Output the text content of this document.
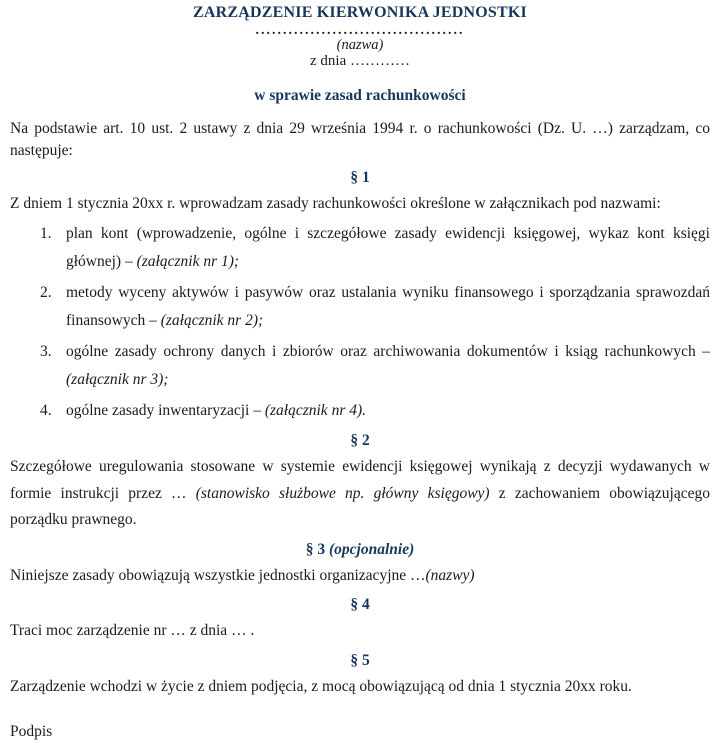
ZARZĄDZENIE KIERWONIKA JEDNOSTKI
......................................
(nazwa)
z dnia …………
w sprawie zasad rachunkowości

Na podstawie art. 10 ust. 2 ustawy z dnia 29 września 1994 r. o rachunkowości (Dz. U. …) zarządzam, co następuje:

§ 1

Z dniem 1 stycznia 20xx r. wprowadzam zasady rachunkowości określone w załącznikach pod nazwami:

1. plan kont (wprowadzenie, ogólne i szczegółowe zasady ewidencji księgowej, wykaz kont księgi głównej) – (załącznik nr 1);
2. metody wyceny aktywów i pasywów oraz ustalania wyniku finansowego i sporządzania sprawozdań finansowych – (załącznik nr 2);
3. ogólne zasady ochrony danych i zbiorów oraz archiwowania dokumentów i ksiąg rachunkowych – (załącznik nr 3);
4. ogólne zasady inwentaryzacji – (załącznik nr 4).
§ 2

Szczegółowe uregulowania stosowane w systemie ewidencji księgowej wynikają z decyzji wydawanych w formie instrukcji przez … (stanowisko służbowe np. główny księgowy) z zachowaniem obowiązującego porządku prawnego.

§ 3 (opcjonalnie)

Niniejsze zasady obowiązują wszystkie jednostki organizacyjne …(nazwy)

§ 4

Traci moc zarządzenie nr … z dnia … .

§ 5

Zarządzenie wchodzi w życie z dniem podjęcia, z mocą obowiązującą od dnia 1 stycznia 20xx roku.

Podpis
